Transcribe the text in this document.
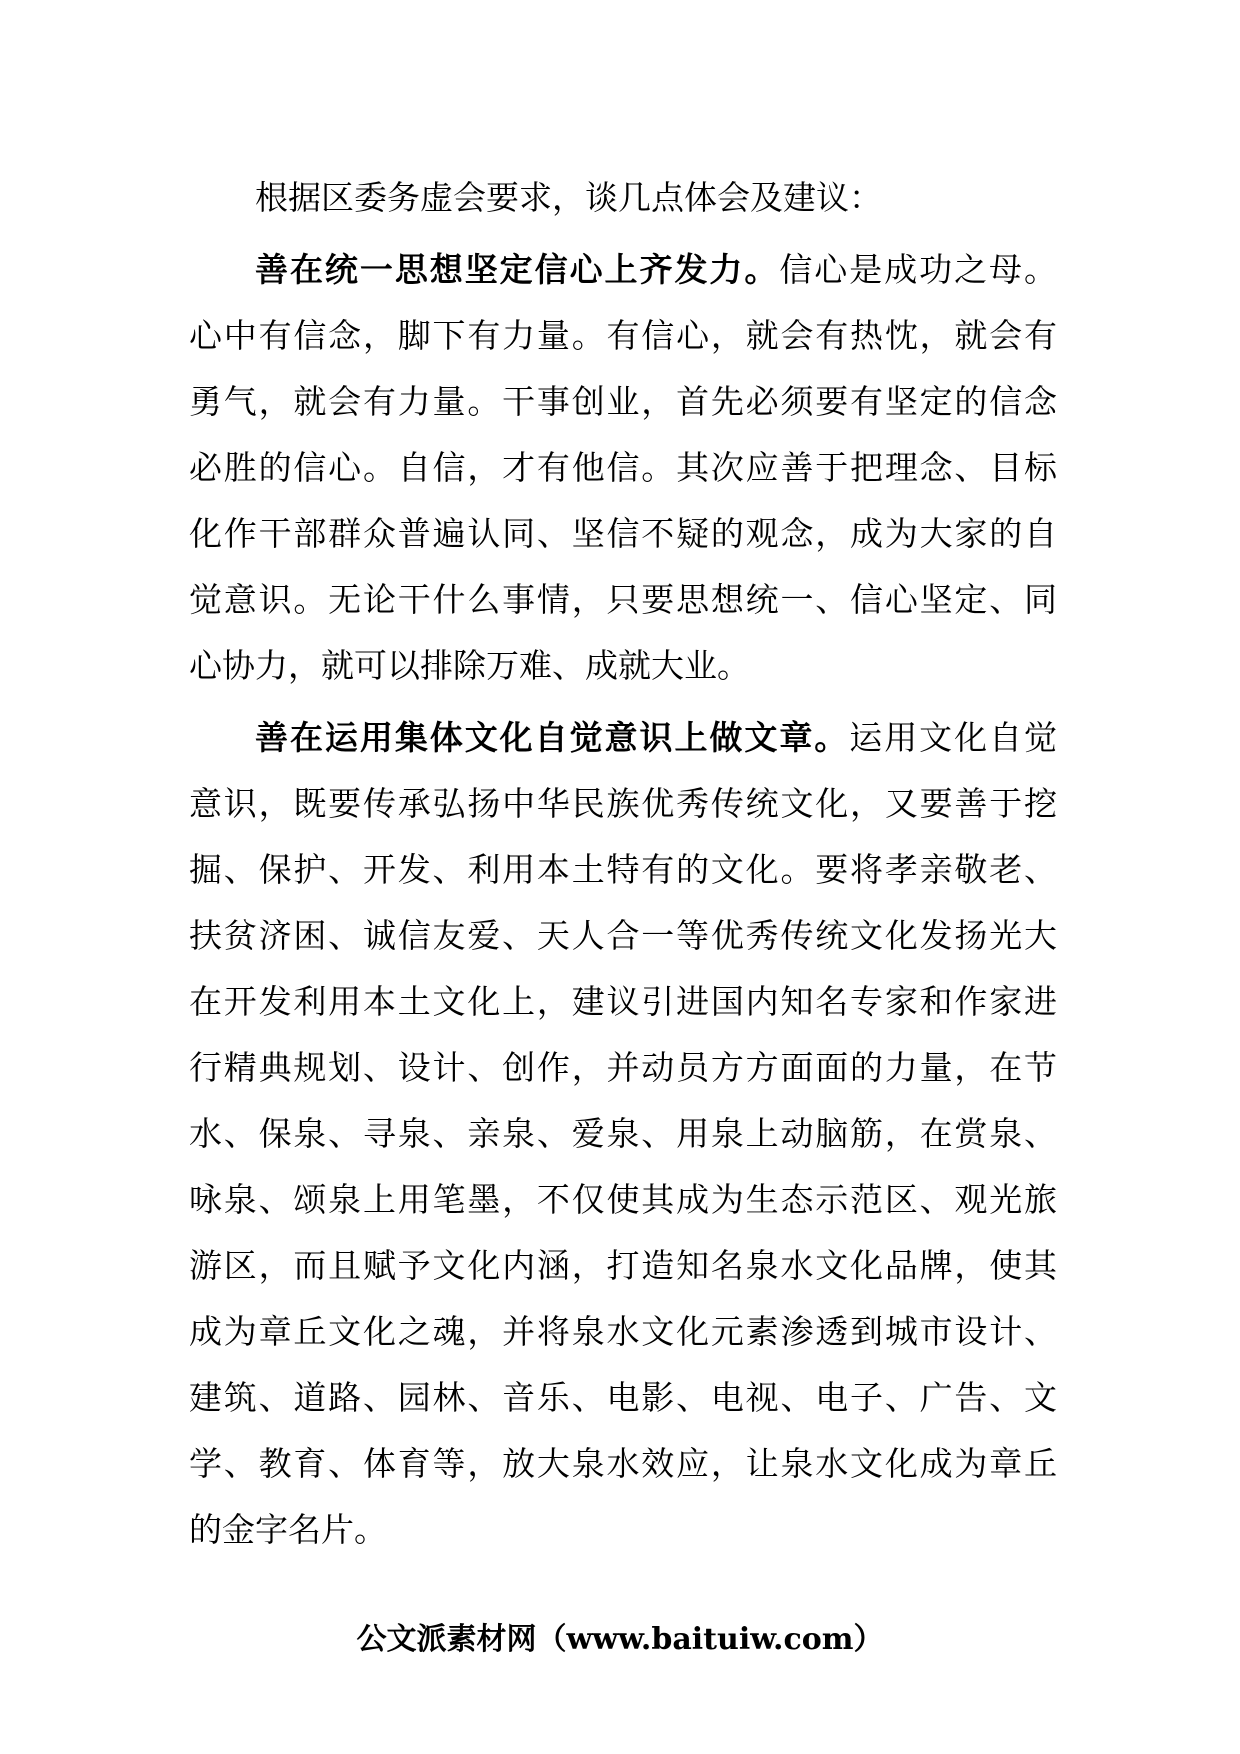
根据区委务虚会要求，谈几点体会及建议：
善在统一思想坚定信心上齐发力。信心是成功之母。
心中有信念，脚下有力量。有信心，就会有热忱，就会有
勇气，就会有力量。干事创业，首先必须要有坚定的信念
必胜的信心。自信，才有他信。其次应善于把理念、目标
化作干部群众普遍认同、坚信不疑的观念，成为大家的自
觉意识。无论干什么事情，只要思想统一、信心坚定、同
心协力，就可以排除万难、成就大业。
善在运用集体文化自觉意识上做文章。运用文化自觉
意识，既要传承弘扬中华民族优秀传统文化，又要善于挖
掘、保护、开发、利用本土特有的文化。要将孝亲敬老、
扶贫济困、诚信友爱、天人合一等优秀传统文化发扬光大
在开发利用本土文化上，建议引进国内知名专家和作家进
行精典规划、设计、创作，并动员方方面面的力量，在节
水、保泉、寻泉、亲泉、爱泉、用泉上动脑筋，在赏泉、
咏泉、颂泉上用笔墨，不仅使其成为生态示范区、观光旅
游区，而且赋予文化内涵，打造知名泉水文化品牌，使其
成为章丘文化之魂，并将泉水文化元素渗透到城市设计、
建筑、道路、园林、音乐、电影、电视、电子、广告、文
学、教育、体育等，放大泉水效应，让泉水文化成为章丘
的金字名片。
公文派素材网（www.baituiw.com）
